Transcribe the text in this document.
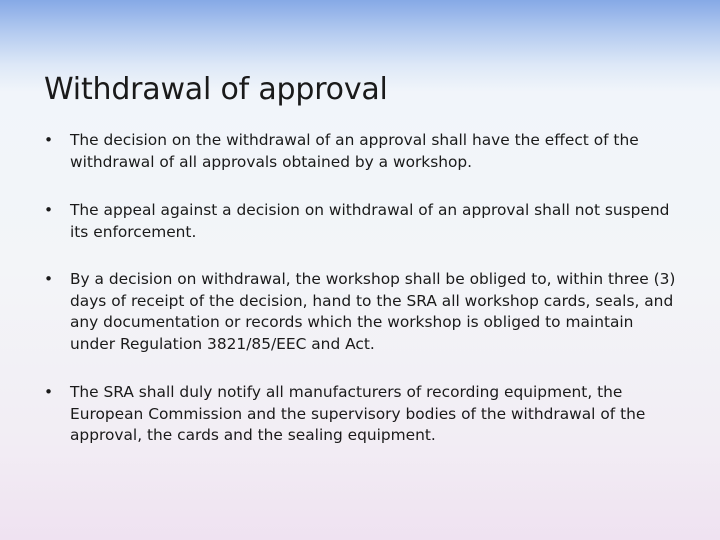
Withdrawal of approval
•	The decision on the withdrawal of an approval shall have the effect of the withdrawal of all approvals obtained by a workshop.
•	The appeal against a decision on withdrawal of an approval shall not suspend its enforcement.
•	By a decision on withdrawal, the workshop shall be obliged to, within three (3) days of receipt of the decision, hand to the SRA all workshop cards, seals, and any documentation or records which the workshop is obliged to maintain under Regulation 3821/85/EEC and Act.
•	The SRA shall duly notify all manufacturers of recording equipment, the European Commission and the supervisory bodies of the withdrawal of the approval, the cards and the sealing equipment.
